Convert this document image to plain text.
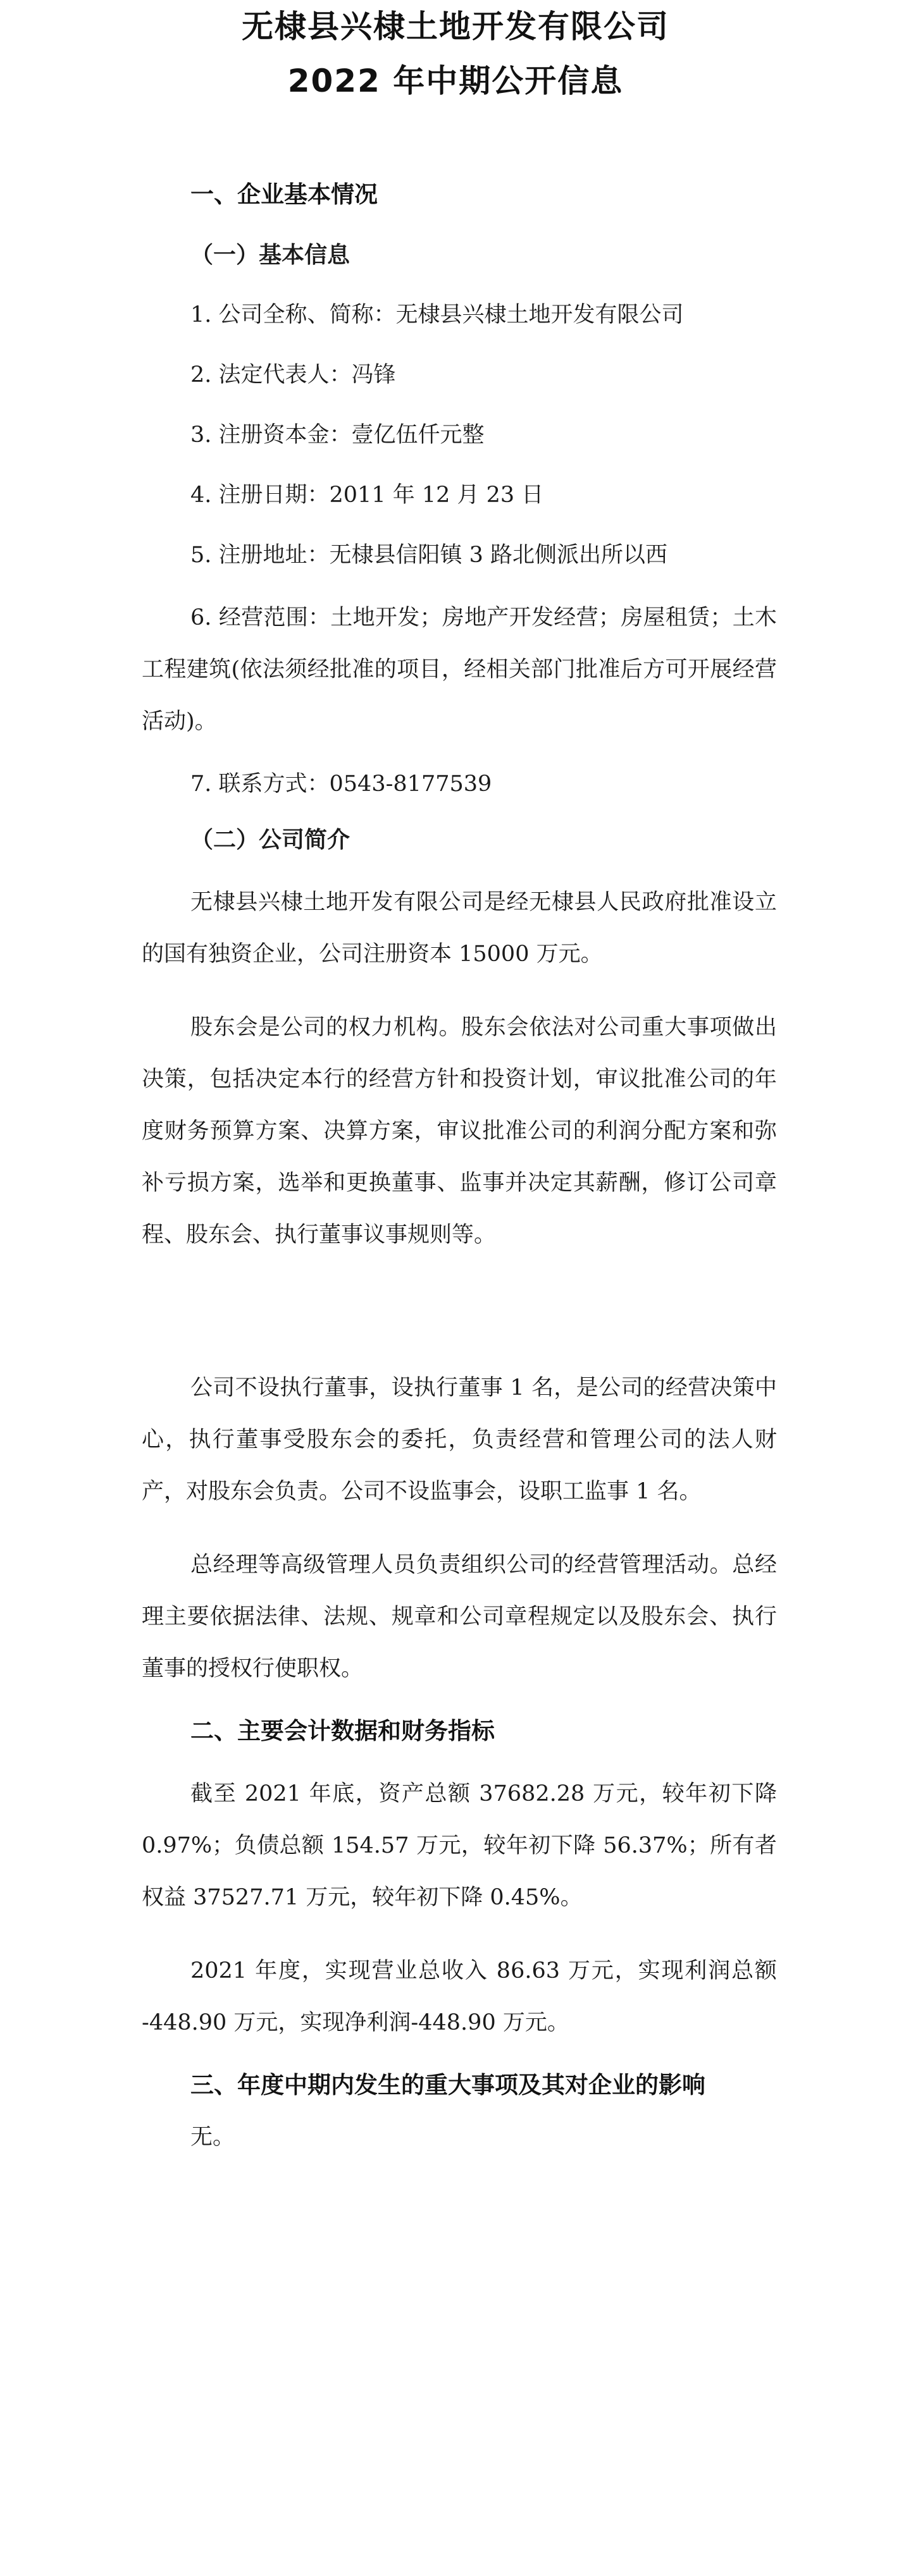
无棣县兴棣土地开发有限公司
2022 年中期公开信息
一、企业基本情况
（一）基本信息

1. 公司全称、简称：无棣县兴棣土地开发有限公司

2. 法定代表人：冯锋

3. 注册资本金：壹亿伍仟元整

4. 注册日期：2011 年 12 月 23 日

5. 注册地址：无棣县信阳镇 3 路北侧派出所以西

6. 经营范围：土地开发；房地产开发经营；房屋租赁；土木工程建筑(依法须经批准的项目，经相关部门批准后方可开展经营活动)。

7. 联系方式：0543-8177539

（二）公司简介

无棣县兴棣土地开发有限公司是经无棣县人民政府批准设立的国有独资企业，公司注册资本 15000 万元。

股东会是公司的权力机构。股东会依法对公司重大事项做出决策，包括决定本行的经营方针和投资计划，审议批准公司的年度财务预算方案、决算方案，审议批准公司的利润分配方案和弥补亏损方案，选举和更换董事、监事并决定其薪酬，修订公司章程、股东会、执行董事议事规则等。

公司不设执行董事，设执行董事 1 名，是公司的经营决策中心，执行董事受股东会的委托，负责经营和管理公司的法人财产，对股东会负责。公司不设监事会，设职工监事 1 名。

总经理等高级管理人员负责组织公司的经营管理活动。总经理主要依据法律、法规、规章和公司章程规定以及股东会、执行董事的授权行使职权。

二、主要会计数据和财务指标

截至 2021 年底，资产总额 37682.28 万元，较年初下降 0.97%；负债总额 154.57 万元，较年初下降 56.37%；所有者权益 37527.71 万元，较年初下降 0.45%。

2021 年度，实现营业总收入 86.63 万元，实现利润总额 -448.90 万元，实现净利润-448.90 万元。

三、年度中期内发生的重大事项及其对企业的影响

无。
